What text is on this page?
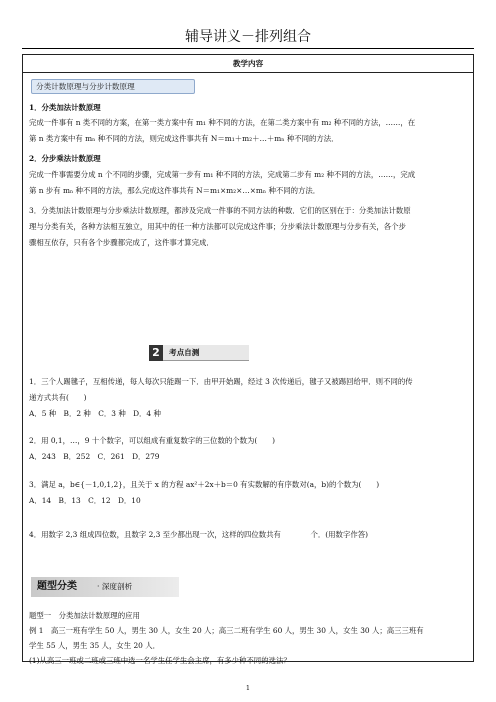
辅导讲义－排列组合
教学内容
分类计数原理与分步计数原理
1．分类加法计数原理
完成一件事有 n 类不同的方案，在第一类方案中有 m₁ 种不同的方法，在第二类方案中有 m₂ 种不同的方法，……，在
第 n 类方案中有 mₙ 种不同的方法，则完成这件事共有 N＝m₁＋m₂＋…＋mₙ 种不同的方法．
2．分步乘法计数原理
完成一件事需要分成 n 个不同的步骤，完成第一步有 m₁ 种不同的方法，完成第二步有 m₂ 种不同的方法，……，完成
第 n 步有 mₙ 种不同的方法，那么完成这件事共有 N＝m₁×m₂×…×mₙ 种不同的方法．
3．分类加法计数原理与分步乘法计数原理，都涉及完成一件事的不同方法的种数．它们的区别在于：分类加法计数原
理与分类有关，各种方法相互独立，用其中的任一种方法都可以完成这件事；分步乘法计数原理与分步有关，各个步
骤相互依存，只有各个步骤都完成了，这件事才算完成．
2	考点自测
1．三个人踢毽子，互相传递，每人每次只能踢一下．由甲开始踢，经过 3 次传递后，毽子又被踢回给甲．则不同的传
递方式共有(　　)
A．5 种　B．2 种　C．3 种　D．4 种
2．用 0,1，…，9 十个数字，可以组成有重复数字的三位数的个数为(　　)
A．243　B．252　C．261　D．279
3．满足 a，b∈{－1,0,1,2}，且关于 x 的方程 ax²＋2x＋b＝0 有实数解的有序数对(a，b)的个数为(　　)
A．14　B．13　C．12　D．10
4．用数字 2,3 组成四位数，且数字 2,3 至少都出现一次，这样的四位数共有　　　　个．(用数字作答)
题型分类	· 深度剖析
题型一　分类加法计数原理的应用
例 1　高三一班有学生 50 人，男生 30 人，女生 20 人；高三二班有学生 60 人，男生 30 人，女生 30 人；高三三班有
学生 55 人，男生 35 人，女生 20 人．
(1)从高三一班或二班或三班中选一名学生任学生会主席，有多少种不同的选法？
1
